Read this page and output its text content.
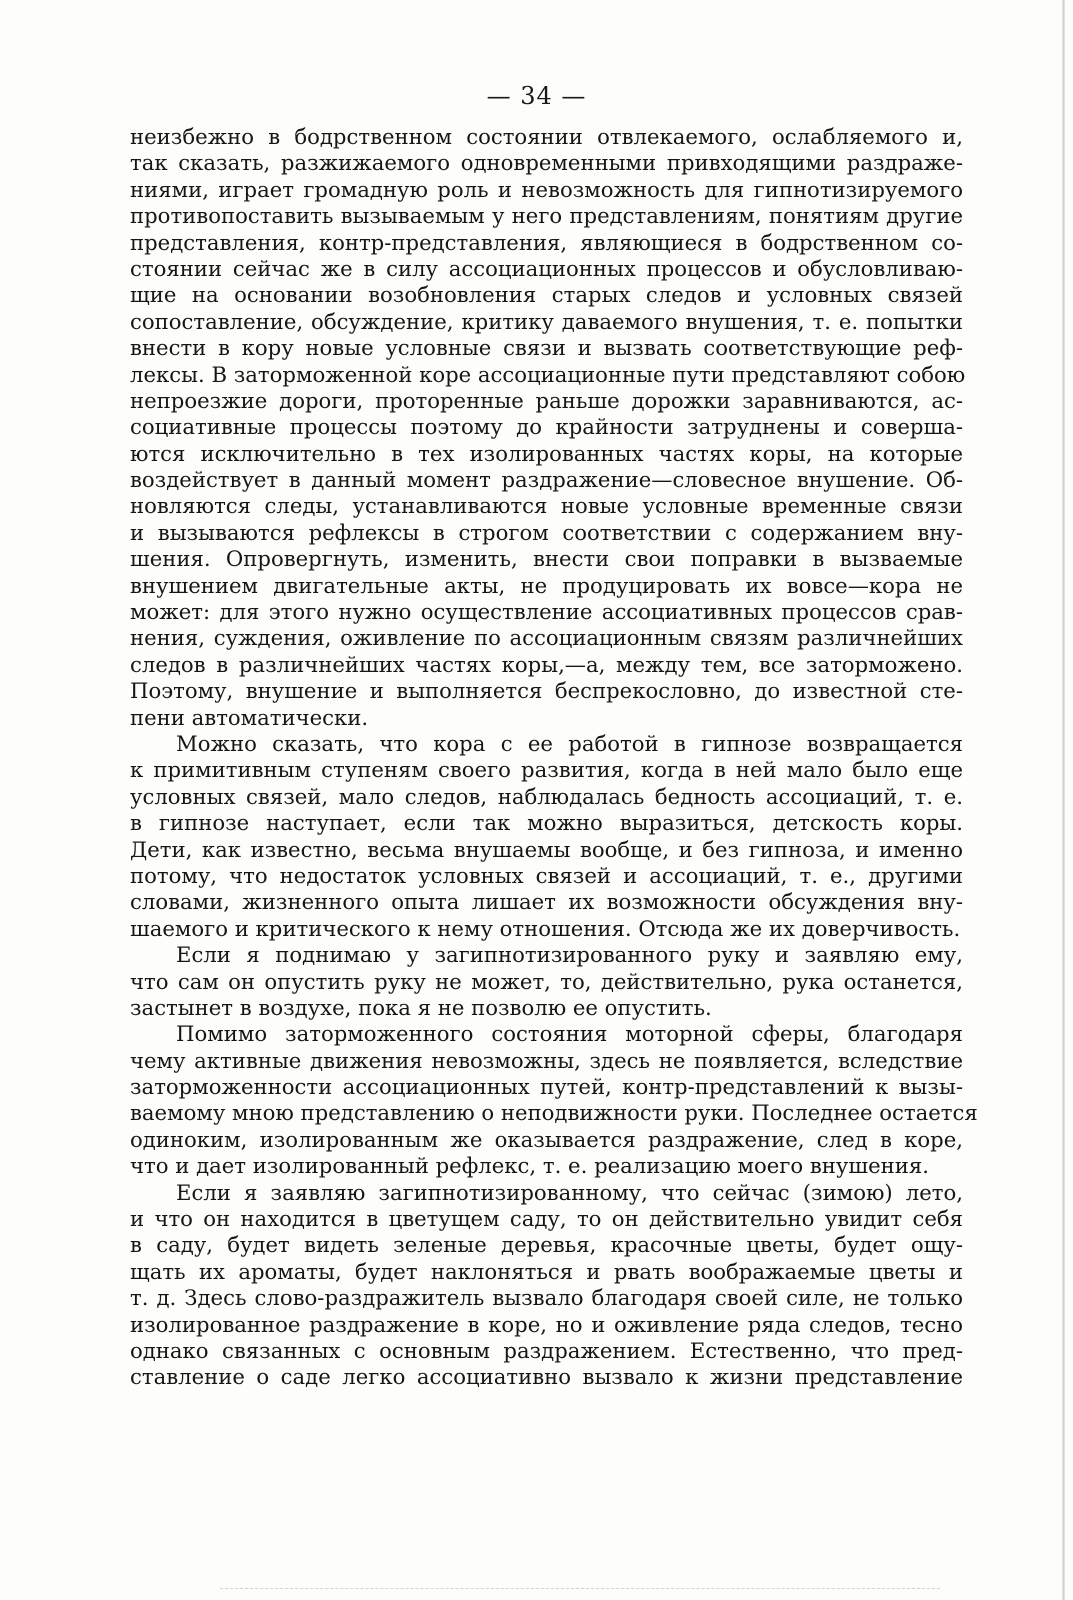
— 34 —
неизбежно в бодрственном состоянии отвлекаемого, ослабляемого и,
так сказать, разжижаемого одновременными привходящими раздраже-
ниями, играет громадную роль и невозможность для гипнотизируемого
противопоставить вызываемым у него представлениям, понятиям другие
представления, контр-представления, являющиеся в бодрственном со-
стоянии сейчас же в силу ассоциационных процессов и обусловливаю-
щие на основании возобновления старых следов и условных связей
сопоставление, обсуждение, критику даваемого внушения, т. е. попытки
внести в кору новые условные связи и вызвать соответствующие реф-
лексы. В заторможенной коре ассоциационные пути представляют собою
непроезжие дороги, проторенные раньше дорожки заравниваются, ас-
социативные процессы поэтому до крайности затруднены и соверша-
ются исключительно в тех изолированных частях коры, на которые
воздействует в данный момент раздражение—словесное внушение. Об-
новляются следы, устанавливаются новые условные временные связи
и вызываются рефлексы в строгом соответствии с содержанием вну-
шения. Опровергнуть, изменить, внести свои поправки в вызваемые
внушением двигательные акты, не продуцировать их вовсе—кора не
может: для этого нужно осуществление ассоциативных процессов срав-
нения, суждения, оживление по ассоциационным связям различнейших
следов в различнейших частях коры,—а, между тем, все заторможено.
Поэтому, внушение и выполняется беспрекословно, до известной сте-
пени автоматически.
Можно сказать, что кора с ее работой в гипнозе возвращается
к примитивным ступеням своего развития, когда в ней мало было еще
условных связей, мало следов, наблюдалась бедность ассоциаций, т. е.
в гипнозе наступает, если так можно выразиться, детскость коры.
Дети, как известно, весьма внушаемы вообще, и без гипноза, и именно
потому, что недостаток условных связей и ассоциаций, т. е., другими
словами, жизненного опыта лишает их возможности обсуждения вну-
шаемого и критического к нему отношения. Отсюда же их доверчивость.
Если я поднимаю у загипнотизированного руку и заявляю ему,
что сам он опустить руку не может, то, действительно, рука останется,
застынет в воздухе, пока я не позволю ее опустить.
Помимо заторможенного состояния моторной сферы, благодаря
чему активные движения невозможны, здесь не появляется, вследствие
заторможенности ассоциационных путей, контр-представлений к вызы-
ваемому мною представлению о неподвижности руки. Последнее остается
одиноким, изолированным же оказывается раздражение, след в коре,
что и дает изолированный рефлекс, т. е. реализацию моего внушения.
Если я заявляю загипнотизированному, что сейчас (зимою) лето,
и что он находится в цветущем саду, то он действительно увидит себя
в саду, будет видеть зеленые деревья, красочные цветы, будет ощу-
щать их ароматы, будет наклоняться и рвать воображаемые цветы и
т. д. Здесь слово-раздражитель вызвало благодаря своей силе, не только
изолированное раздражение в коре, но и оживление ряда следов, тесно
однако связанных с основным раздражением. Естественно, что пред-
ставление о саде легко ассоциативно вызвало к жизни представление
